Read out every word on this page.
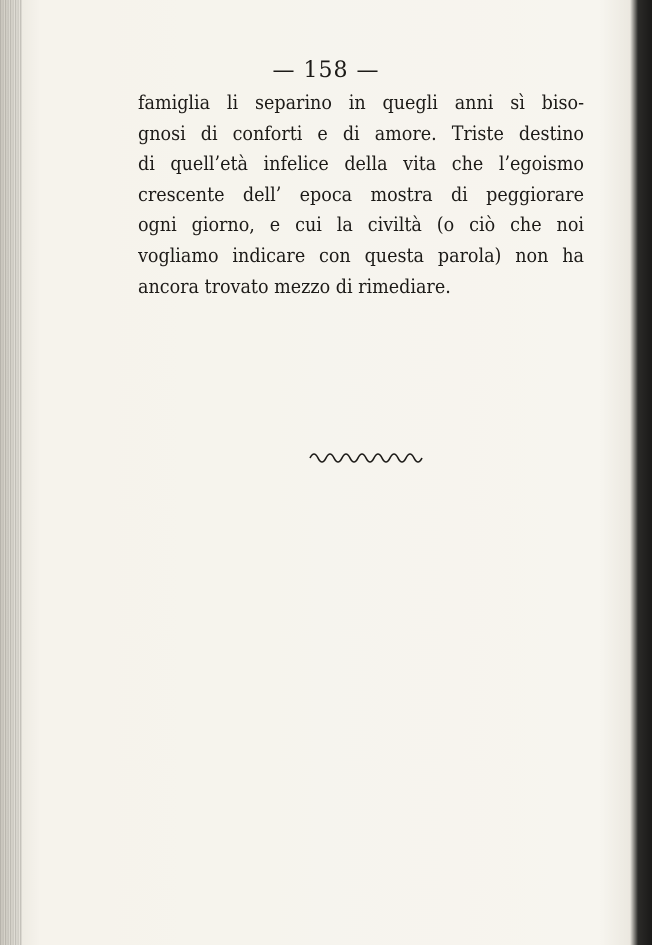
— 158 —
famiglia li separino in quegli anni sì biso-
gnosi di conforti e di amore. Triste destino
di quell’età infelice della vita che l’egoismo
crescente dell’ epoca mostra di peggiorare
ogni giorno, e cui la civiltà (o ciò che noi
vogliamo indicare con questa parola) non ha
ancora trovato mezzo di rimediare.
